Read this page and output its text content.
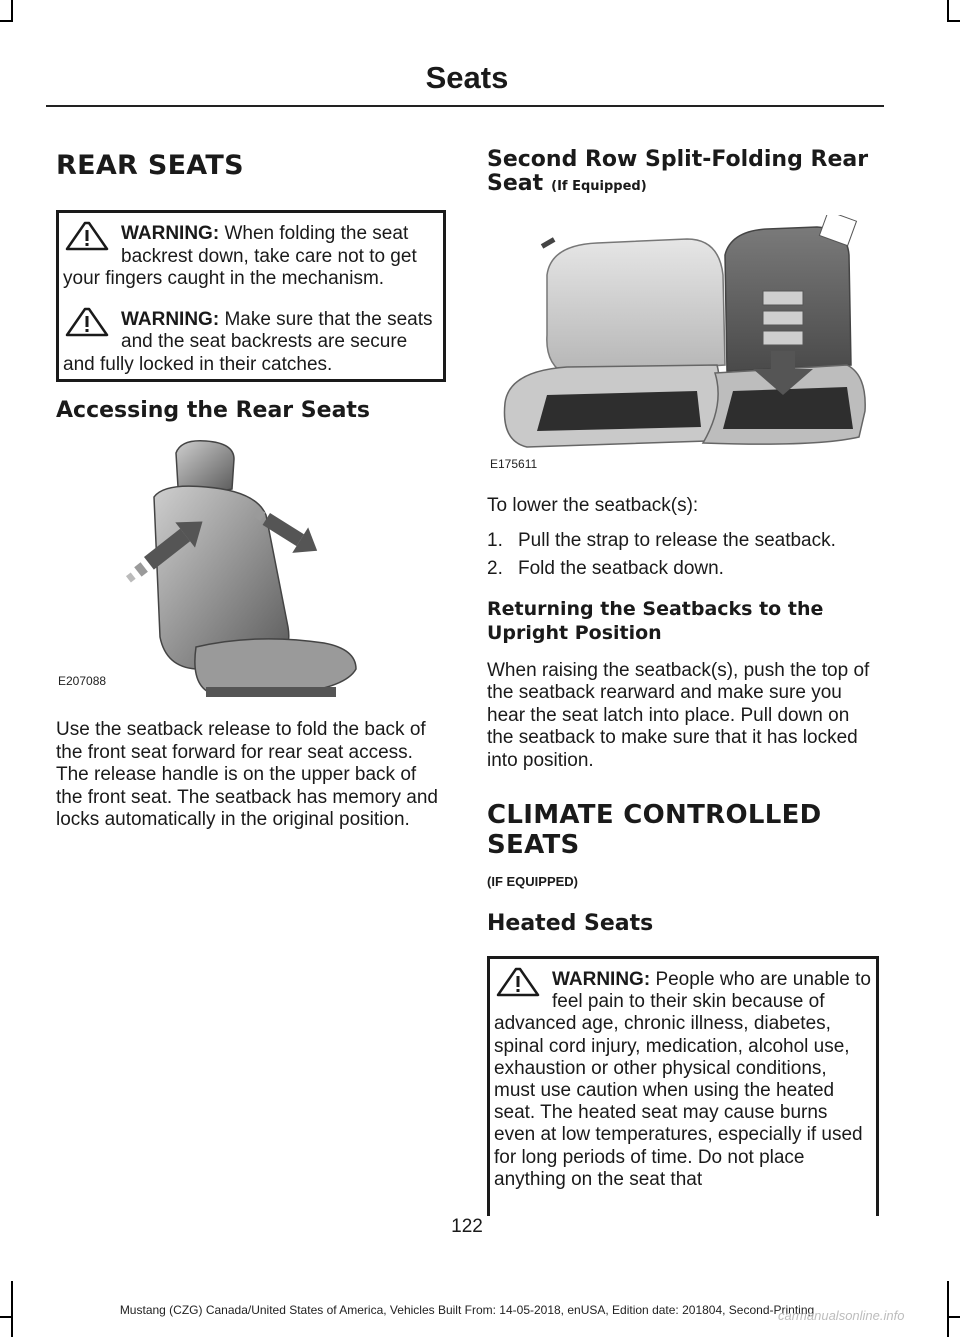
Seats
REAR SEATS
WARNING: When folding the seat backrest down, take care not to get your fingers caught in the mechanism.
WARNING: Make sure that the seats and the seat backrests are secure and fully locked in their catches.
Accessing the Rear Seats
E207088

Use the seatback release to fold the back of the front seat forward for rear seat access. The release handle is on the upper back of the front seat. The seatback has memory and locks automatically in the original position.

Second Row Split-Folding Rear Seat (If Equipped)
E175611

To lower the seatback(s):

1. Pull the strap to release the seatback.
2. Fold the seatback down.
Returning the Seatbacks to the Upright Position

When raising the seatback(s), push the top of the seatback rearward and make sure you hear the seat latch into place. Pull down on the seatback to make sure that it has locked into position.

CLIMATE CONTROLLED SEATS
(IF EQUIPPED)
Heated Seats
WARNING: People who are unable to feel pain to their skin because of advanced age, chronic illness, diabetes, spinal cord injury, medication, alcohol use, exhaustion or other physical conditions, must use caution when using the heated seat. The heated seat may cause burns even at low temperatures, especially if used for long periods of time. Do not place anything on the seat that
122
Mustang (CZG) Canada/United States of America, Vehicles Built From: 14-05-2018, enUSA, Edition date: 201804, Second-Printing
carmanualsonline.info
